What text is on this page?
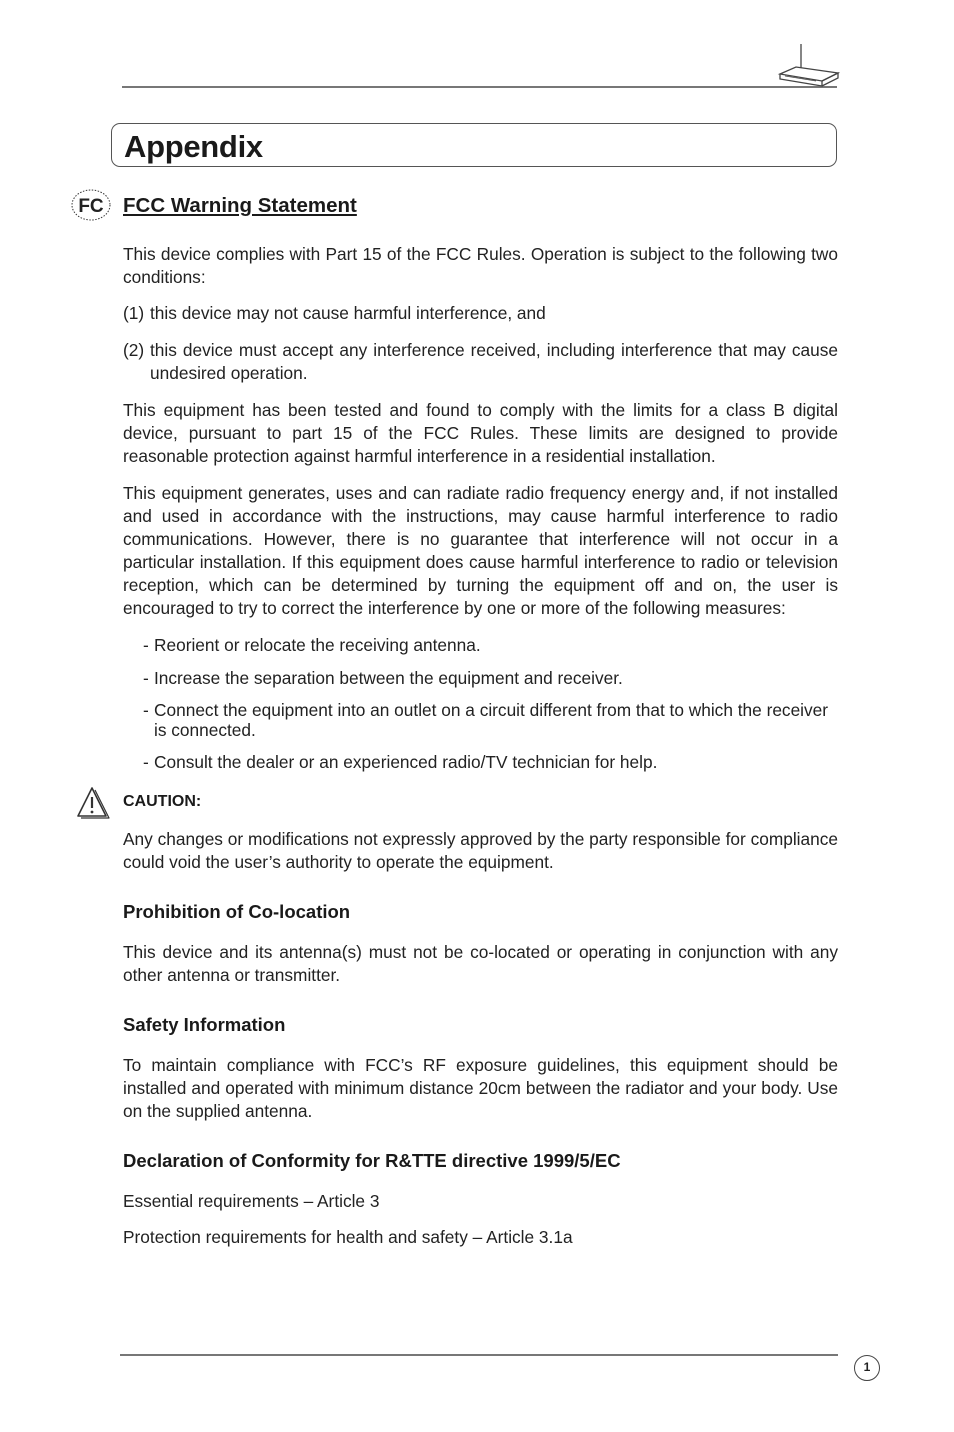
Appendix
FC FCC Warning Statement

This device complies with Part 15 of the FCC Rules. Operation is subject to the following two conditions:

(1) this device may not cause harmful interference, and
(2) this device must accept any interference received, including interference that may cause undesired operation.

This equipment has been tested and found to comply with the limits for a class B digital device, pursuant to part 15 of the FCC Rules. These limits are designed to provide reasonable protection against harmful interference in a residential installation.

This equipment generates, uses and can radiate radio frequency energy and, if not installed and used in accordance with the instructions, may cause harmful interference to radio communications. However, there is no guarantee that interference will not occur in a particular installation. If this equipment does cause harmful interference to radio or television reception, which can be determined by turning the equipment off and on, the user is encouraged to try to correct the interference by one or more of the following measures:

- Reorient or relocate the receiving antenna.
- Increase the separation between the equipment and receiver.
- Connect the equipment into an outlet on a circuit different from that to which the receiver is connected.
- Consult the dealer or an experienced radio/TV technician for help.
CAUTION:

Any changes or modifications not expressly approved by the party responsible for compliance could void the user’s authority to operate the equipment.

Prohibition of Co-location

This device and its antenna(s) must not be co-located or operating in conjunction with any other antenna or transmitter.

Safety Information

To maintain compliance with FCC’s RF exposure guidelines, this equipment should be installed and operated with minimum distance 20cm between the radiator and your body. Use on the supplied antenna.

Declaration of Conformity for R&TTE directive 1999/5/EC

Essential requirements – Article 3

Protection requirements for health and safety – Article 3.1a

1
